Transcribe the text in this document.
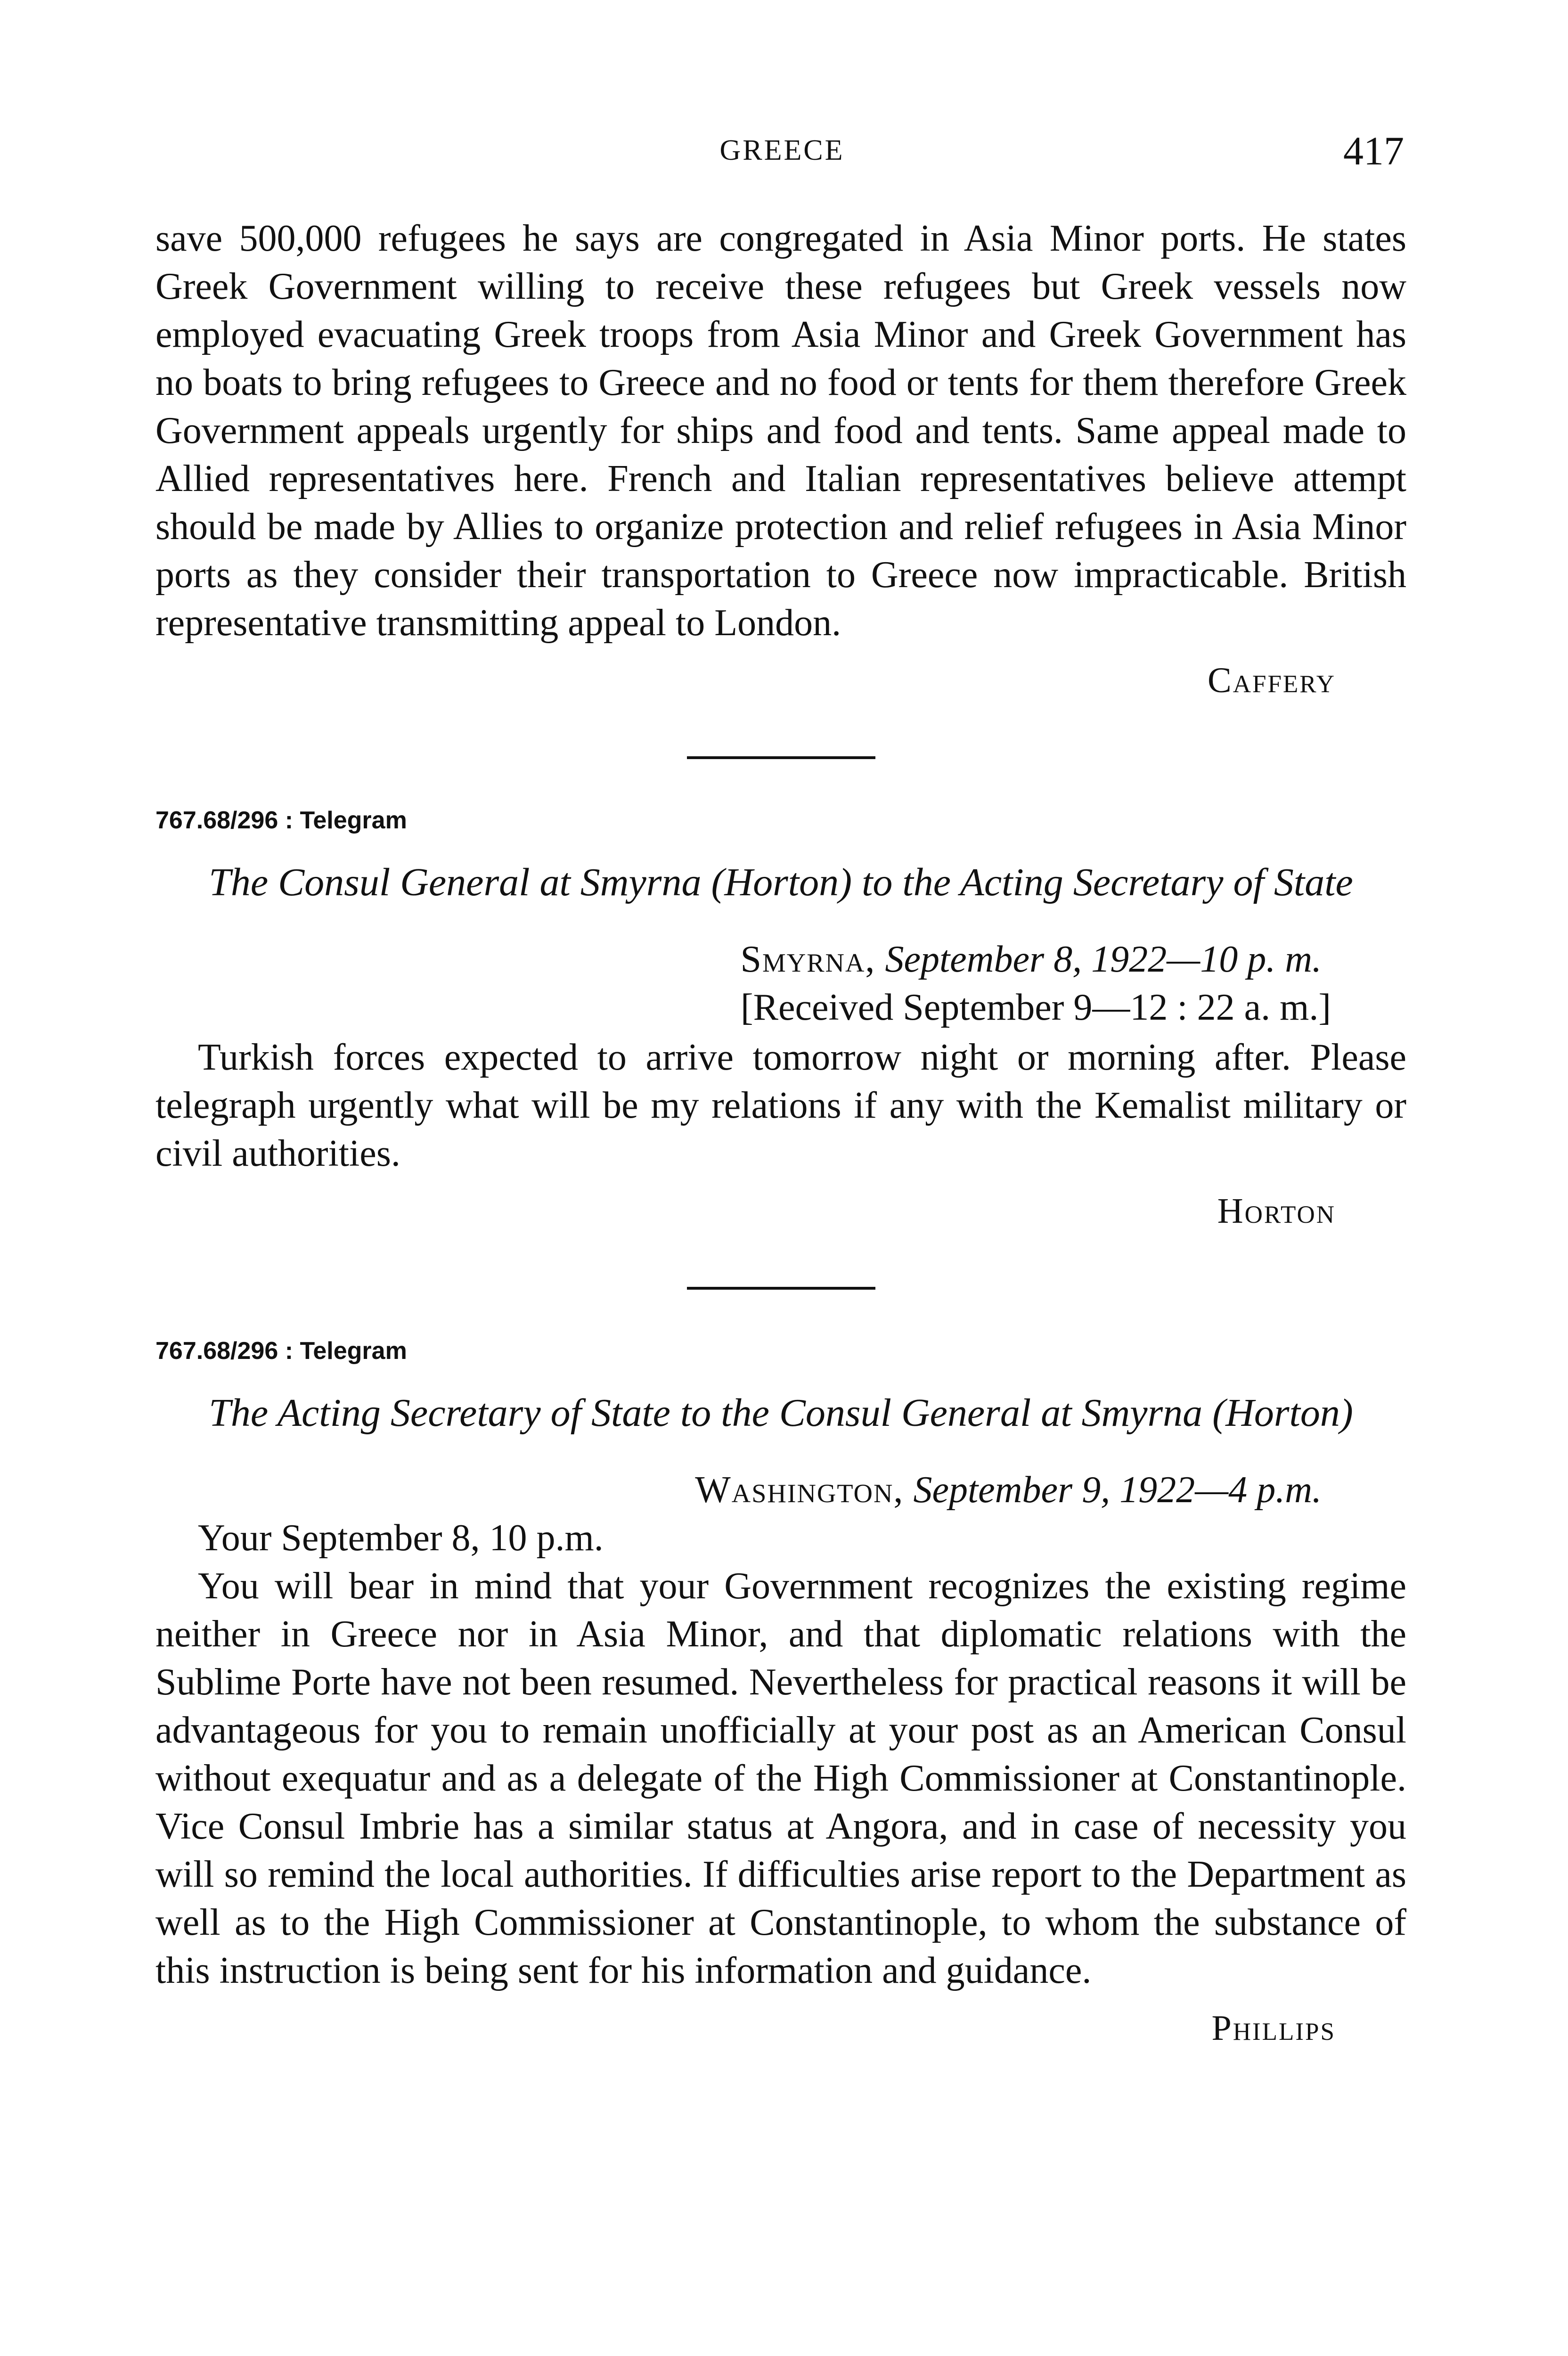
GREECE	417

save 500,000 refugees he says are congregated in Asia Minor ports. He states Greek Government willing to receive these refugees but Greek vessels now employed evacuating Greek troops from Asia Minor and Greek Government has no boats to bring refugees to Greece and no food or tents for them therefore Greek Government appeals urgently for ships and food and tents. Same appeal made to Allied representatives here. French and Italian representatives believe attempt should be made by Allies to organize protection and relief refugees in Asia Minor ports as they consider their transportation to Greece now impracticable. British representative transmitting appeal to London.

Caffery
767.68/296 : Telegram
The Consul General at Smyrna (Horton) to the Acting Secretary of State
Smyrna, September 8, 1922—10 p. m.
[Received September 9—12 : 22 a. m.]

Turkish forces expected to arrive tomorrow night or morning after. Please telegraph urgently what will be my relations if any with the Kemalist military or civil authorities.

Horton
767.68/296 : Telegram
The Acting Secretary of State to the Consul General at Smyrna (Horton)
Washington, September 9, 1922—4 p.m.

Your September 8, 10 p.m.

You will bear in mind that your Government recognizes the existing regime neither in Greece nor in Asia Minor, and that diplomatic relations with the Sublime Porte have not been resumed. Nevertheless for practical reasons it will be advantageous for you to remain unofficially at your post as an American Consul without exequatur and as a delegate of the High Commissioner at Constantinople. Vice Consul Imbrie has a similar status at Angora, and in case of necessity you will so remind the local authorities. If difficulties arise report to the Department as well as to the High Commissioner at Constantinople, to whom the substance of this instruction is being sent for his information and guidance.

Phillips
